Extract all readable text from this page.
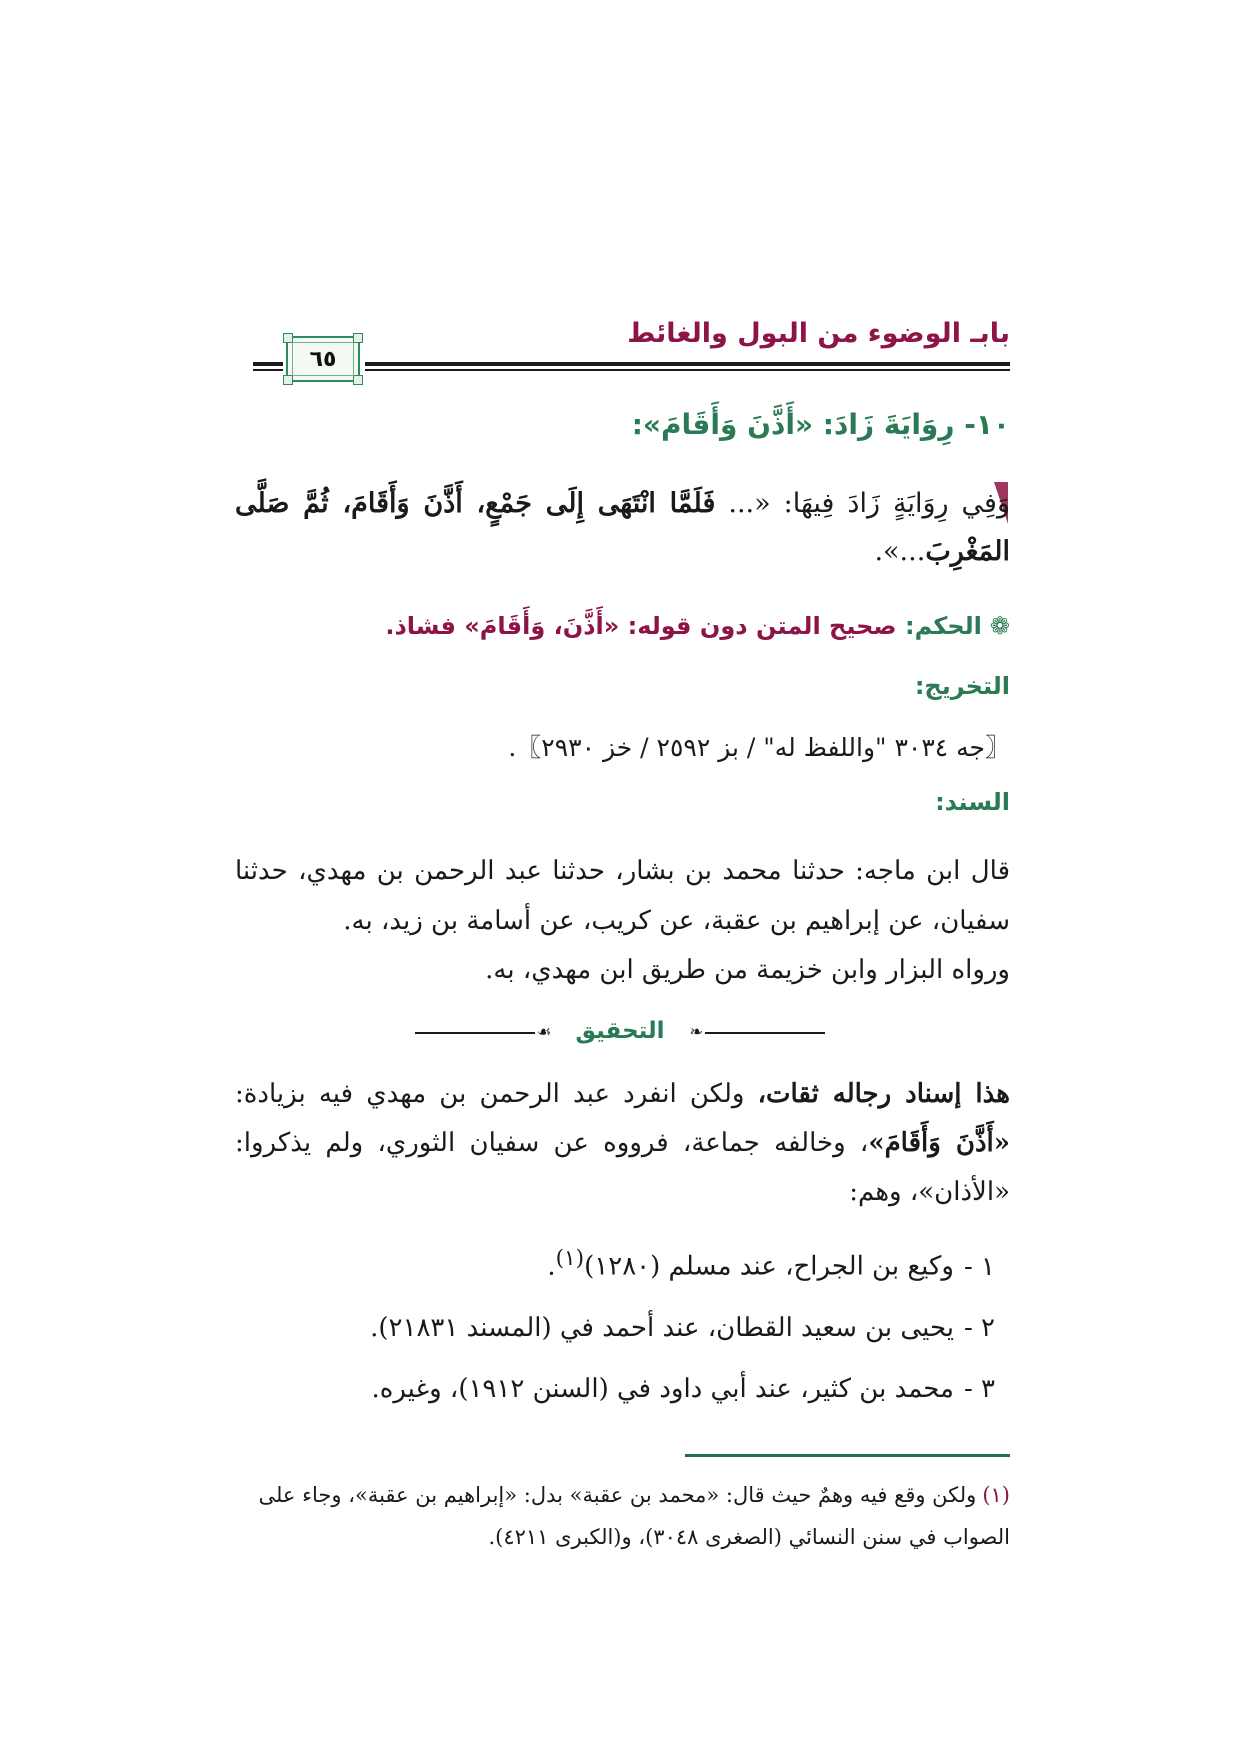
بابـ الوضوء من البول والغائط
٦٥

١٠- رِوَايَةَ زَادَ: «أَذَّنَ وَأَقَامَ»:

وَفِي رِوَايَةٍ زَادَ فِيهَا: «... فَلَمَّا انْتَهَى إِلَى جَمْعٍ، أَذَّنَ وَأَقَامَ، ثُمَّ صَلَّى المَغْرِبَ...».

❁الحكم: صحيح المتن دون قوله: «أَذَّنَ، وَأَقَامَ» فشاذ.

التخريج:

〖جه ٣٠٣٤ "واللفظ له" / بز ٢٥٩٢ / خز ٢٩٣٠〗.

السند:

قال ابن ماجه: حدثنا محمد بن بشار، حدثنا عبد الرحمن بن مهدي، حدثنا سفيان، عن إبراهيم بن عقبة، عن كريب، عن أسامة بن زيد، به.

ورواه البزار وابن خزيمة من طريق ابن مهدي، به.

❧
التحقيق
☙

هذا إسناد رجاله ثقات، ولكن انفرد عبد الرحمن بن مهدي فيه بزيادة: «أَذَّنَ وَأَقَامَ»، وخالفه جماعة، فرووه عن سفيان الثوري، ولم يذكروا: «الأذان»، وهم:

١ -وكيع بن الجراح، عند مسلم (١٢٨٠)$^{(١)}$.
٢ -يحيى بن سعيد القطان، عند أحمد في (المسند ٢١٨٣١).
٣ -محمد بن كثير، عند أبي داود في (السنن ١٩١٢)، وغيره.

(١)ولكن وقع فيه وهمٌ حيث قال: «محمد بن عقبة» بدل: «إبراهيم بن عقبة»، وجاء على الصواب في سنن النسائي (الصغرى ٣٠٤٨)، و(الكبرى ٤٢١١).
